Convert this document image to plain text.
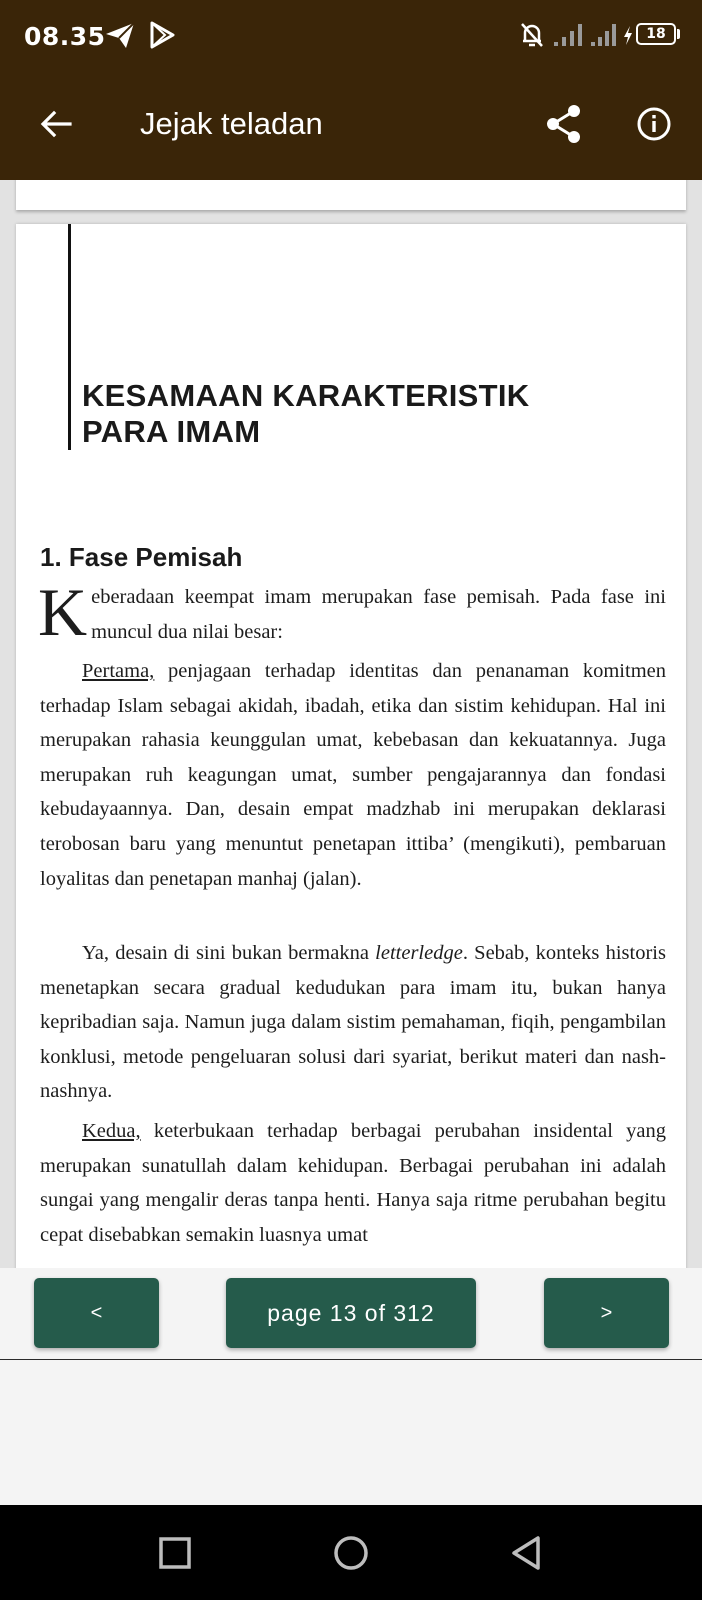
08.35	18
Jejak teladan
KESAMAAN KARAKTERISTIK
PARA IMAM
1. Fase Pemisah
Keberadaan keempat imam merupakan fase pemisah. Pada fase ini muncul dua nilai besar:
Pertama, penjagaan terhadap identitas dan penanaman komitmen terhadap Islam sebagai akidah, ibadah, etika dan sistim kehidupan. Hal ini merupakan rahasia keunggulan umat, kebebasan dan kekuatannya. Juga merupakan ruh keagungan umat, sumber pengajarannya dan fondasi kebudayaannya. Dan, desain empat madzhab ini merupakan deklarasi terobosan baru yang menuntut penetapan ittiba’ (mengikuti), pembaruan loyalitas dan penetapan manhaj (jalan).
Ya, desain di sini bukan bermakna letterledge. Sebab, konteks historis menetapkan secara gradual kedudukan para imam itu, bukan hanya kepribadian saja. Namun juga dalam sistim pemahaman, fiqih, pengambilan konklusi, metode pengeluaran solusi dari syariat, berikut materi dan nash-nashnya.
Kedua, keterbukaan terhadap berbagai perubahan insidental yang merupakan sunatullah dalam kehidupan. Berbagai perubahan ini adalah sungai yang mengalir deras tanpa henti. Hanya saja ritme perubahan begitu cepat disebabkan semakin luasnya umat
<	page 13 of 312	>
